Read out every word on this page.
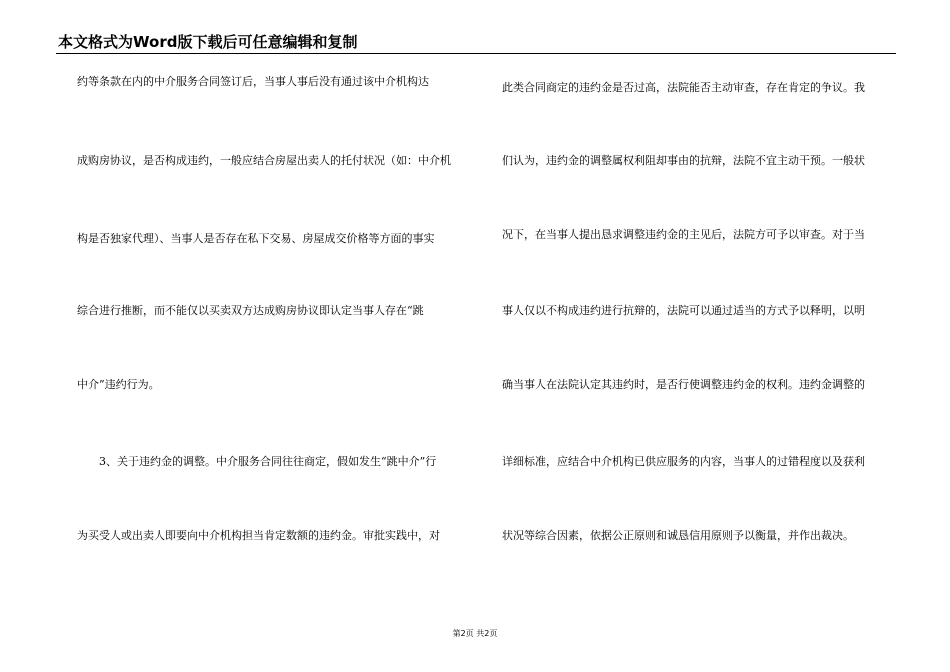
本文格式为Word版下载后可任意编辑和复制
约等条款在内的中介服务合同签订后，当事人事后没有通过该中介机构达
成购房协议，是否构成违约，一般应结合房屋出卖人的托付状况（如：中介机
构是否独家代理）、当事人是否存在私下交易、房屋成交价格等方面的事实
综合进行推断，而不能仅以买卖双方达成购房协议即认定当事人存在“跳
中介”违约行为。
　　3、关于违约金的调整。中介服务合同往往商定，假如发生“跳中介”行
为买受人或出卖人即要向中介机构担当肯定数额的违约金。审批实践中，对
此类合同商定的违约金是否过高，法院能否主动审查，存在肯定的争议。我
们认为，违约金的调整属权利阻却事由的抗辩，法院不宜主动干预。一般状
况下，在当事人提出恳求调整违约金的主见后，法院方可予以审查。对于当
事人仅以不构成违约进行抗辩的，法院可以通过适当的方式予以释明，以明
确当事人在法院认定其违约时，是否行使调整违约金的权利。违约金调整的
详细标准，应结合中介机构已供应服务的内容，当事人的过错程度以及获利
状况等综合因素，依据公正原则和诚恳信用原则予以衡量，并作出裁决。
第2页 共2页
